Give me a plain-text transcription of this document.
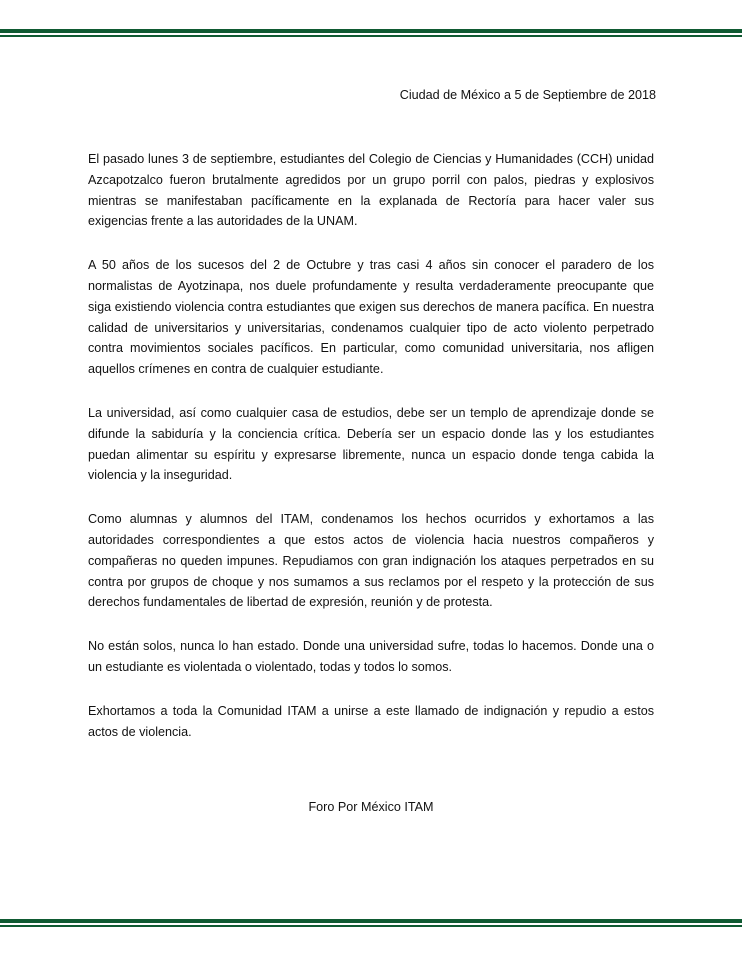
Ciudad de México a 5 de Septiembre de 2018

El pasado lunes 3 de septiembre, estudiantes del Colegio de Ciencias y Humanidades (CCH) unidad Azcapotzalco fueron brutalmente agredidos por un grupo porril con palos, piedras y explosivos mientras se manifestaban pacíficamente en la explanada de Rectoría para hacer valer sus exigencias frente a las autoridades de la UNAM.

A 50 años de los sucesos del 2 de Octubre y tras casi 4 años sin conocer el paradero de los normalistas de Ayotzinapa, nos duele profundamente y resulta verdaderamente preocupante que siga existiendo violencia contra estudiantes que exigen sus derechos de manera pacífica. En nuestra calidad de universitarios y universitarias, condenamos cualquier tipo de acto violento perpetrado contra movimientos sociales pacíficos. En particular, como comunidad universitaria, nos afligen aquellos crímenes en contra de cualquier estudiante.

La universidad, así como cualquier casa de estudios, debe ser un templo de aprendizaje donde se difunde la sabiduría y la conciencia crítica. Debería ser un espacio donde las y los estudiantes puedan alimentar su espíritu y expresarse libremente, nunca un espacio donde tenga cabida la violencia y la inseguridad.

Como alumnas y alumnos del ITAM, condenamos los hechos ocurridos y exhortamos a las autoridades correspondientes a que estos actos de violencia hacia nuestros compañeros y compañeras no queden impunes. Repudiamos con gran indignación los ataques perpetrados en su contra por grupos de choque y nos sumamos a sus reclamos por el respeto y la protección de sus derechos fundamentales de libertad de expresión, reunión y de protesta.

No están solos, nunca lo han estado. Donde una universidad sufre, todas lo hacemos. Donde una o un estudiante es violentada o violentado, todas y todos lo somos.

Exhortamos a toda la Comunidad ITAM a unirse a este llamado de indignación y repudio a estos actos de violencia.

Foro Por México ITAM
